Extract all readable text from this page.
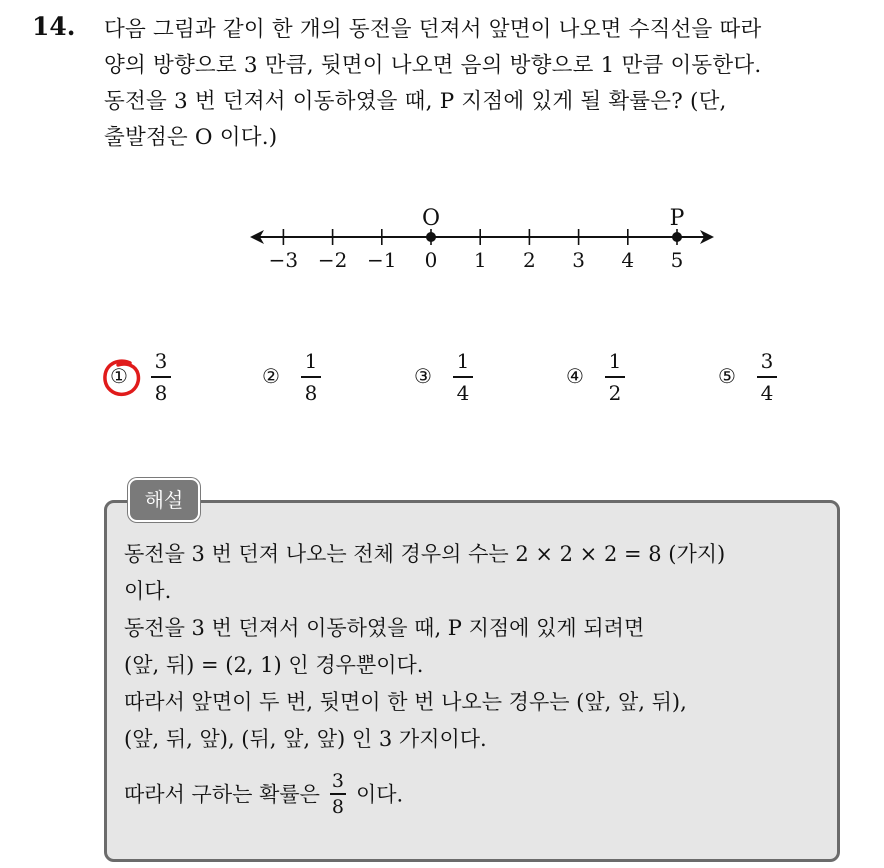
14. 다음 그림과 같이 한 개의 동전을 던져서 앞면이 나오면 수직선을 따라
양의 방향으로 3 만큼, 뒷면이 나오면 음의 방향으로 1 만큼 이동한다.
동전을 3 번 던져서 이동하였을 때, P 지점에 있게 될 확률은? (단,
출발점은 O 이다.)
−3 −2 −1 0 1 2 3 4 5
O	P
①
3
8
②
1
8
③
1
4
④
1
2
⑤
3
4
해설
동전을 3 번 던져 나오는 전체 경우의 수는 2 × 2 × 2 = 8 (가지)
이다.
동전을 3 번 던져서 이동하였을 때, P 지점에 있게 되려면
(앞, 뒤) = (2, 1) 인 경우뿐이다.
따라서 앞면이 두 번, 뒷면이 한 번 나오는 경우는 (앞, 앞, 뒤),
(앞, 뒤, 앞), (뒤, 앞, 앞) 인 3 가지이다.
따라서 구하는 확률은 $\frac{3}{8}$ 이다.
